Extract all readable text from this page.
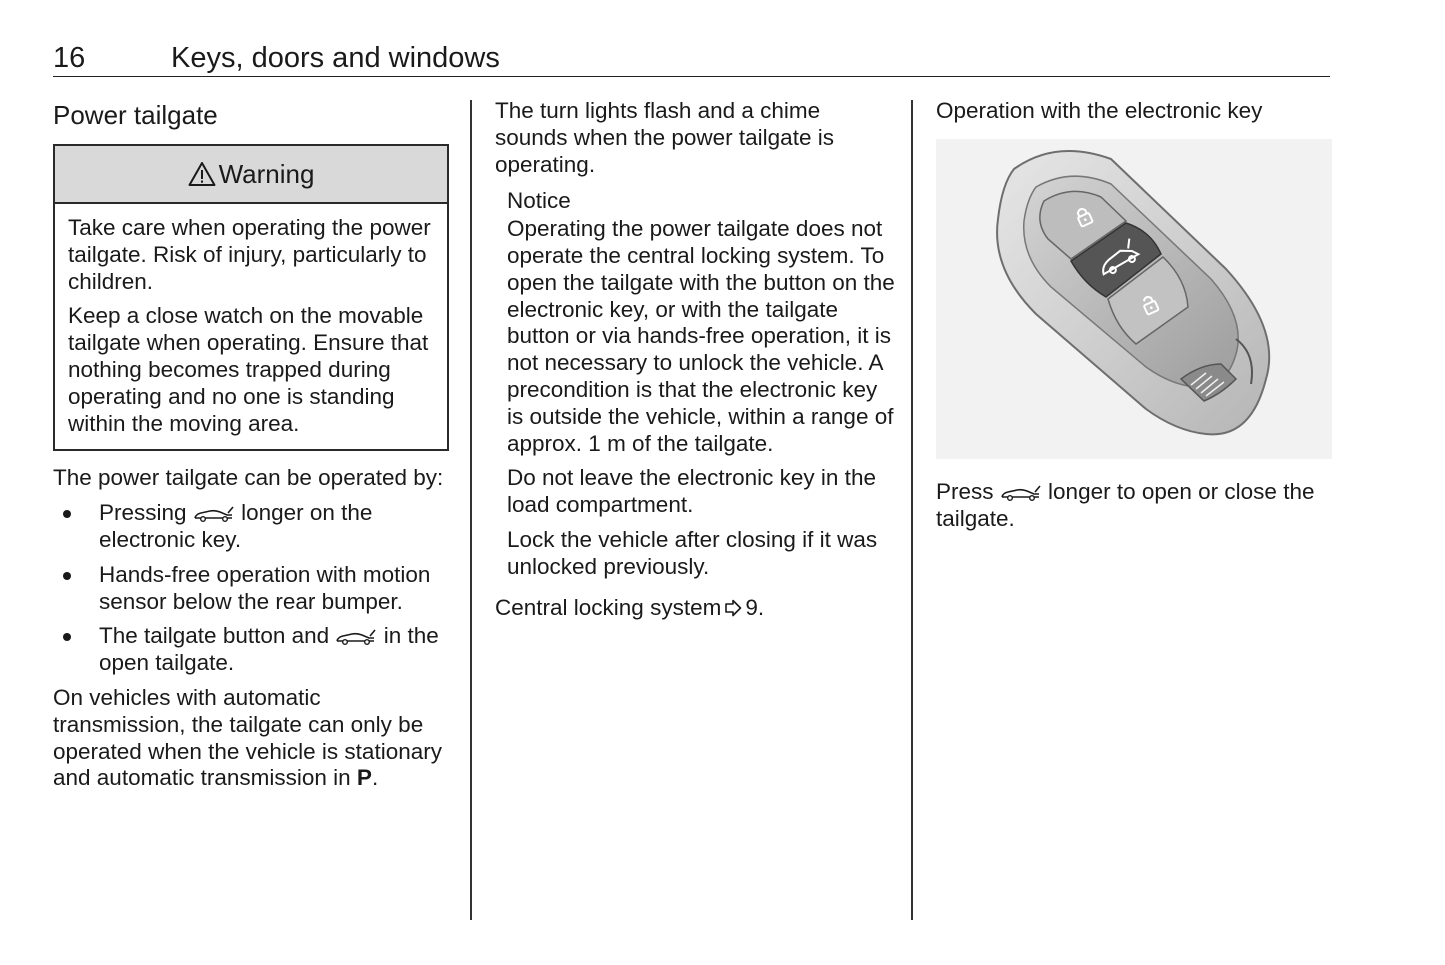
16	Keys, doors and windows
Power tailgate
Warning

Take care when operating the power tailgate. Risk of injury, particularly to children.

Keep a close watch on the movable tailgate when operating. Ensure that nothing becomes trapped during operating and no one is standing within the moving area.

The power tailgate can be operated by:

Pressing longer on the electronic key.
Hands-free operation with motion sensor below the rear bumper.
The tailgate button and in the open tailgate.

On vehicles with automatic transmission, the tailgate can only be operated when the vehicle is stationary and automatic transmission in P.

The turn lights flash and a chime sounds when the power tailgate is operating.

Notice

Operating the power tailgate does not operate the central locking system. To open the tailgate with the button on the electronic key, or with the tailgate button or via hands-free operation, it is not necessary to unlock the vehicle. A precondition is that the electronic key is outside the vehicle, within a range of approx. 1 m of the tailgate.

Do not leave the electronic key in the load compartment.

Lock the vehicle after closing if it was unlocked previously.

Central locking system 9.

Operation with the electronic key

Press longer to open or close the tailgate.
